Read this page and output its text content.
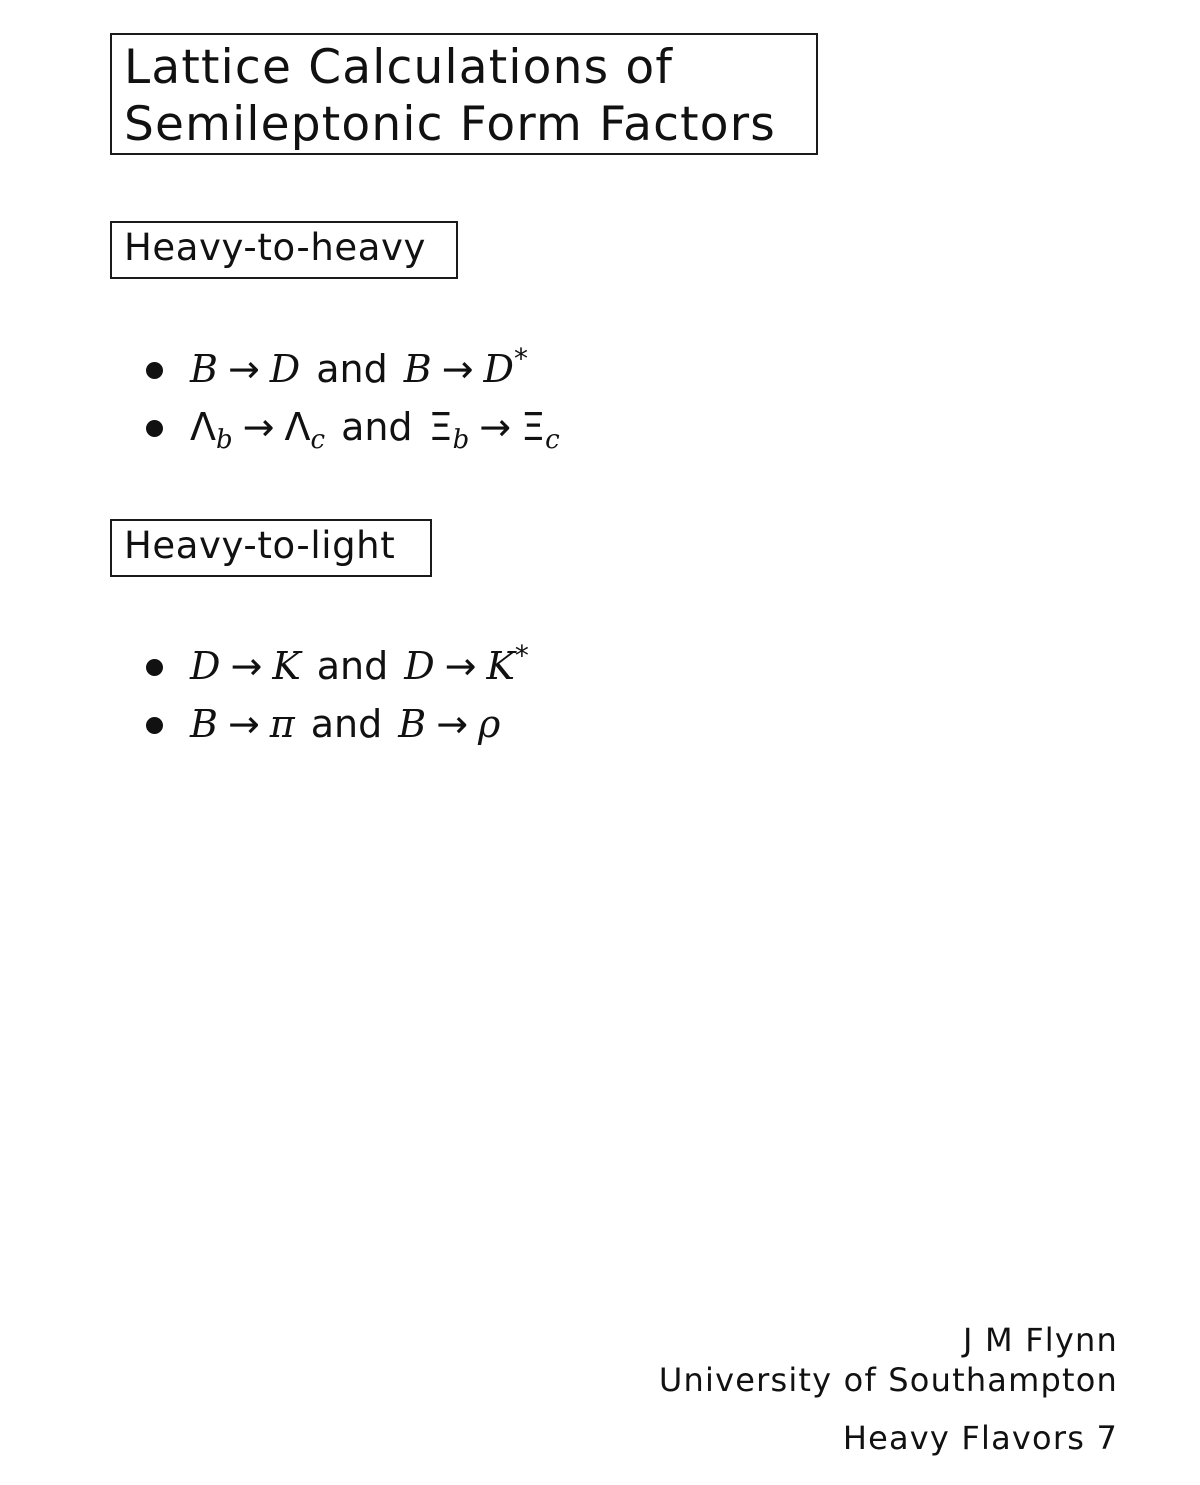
Lattice Calculations of
Semileptonic Form Factors
Heavy-to-heavy
B → D and B → D*
$\Lambda_b \to \Lambda_c$ and $\Xi_b \to \Xi_c$
Heavy-to-light
D → K and D → K*
B → π and B → ρ
J M Flynn
University of Southampton
Heavy Flavors 7
